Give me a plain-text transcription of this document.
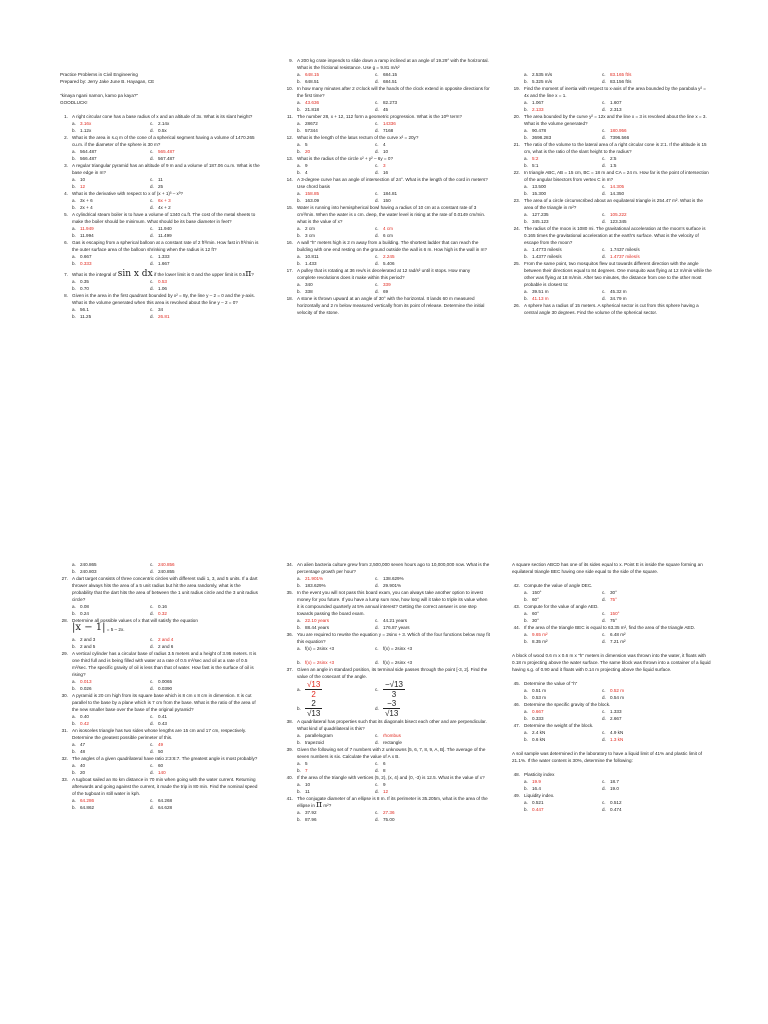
Practice Problems in Civil Engineering
Prepared by: Jerry Jake June B. Hayagan, CE
"kinaya ngani namon, kamo pa kaya?"
GOODLUCK!
1. A right circular cone has a base radius of x and an altitude of 3x. What is its slant height?
a. 3.16x	c. 2.14x
b. 1.12x	d. 0.5x
2. What is the area in s.q m of the cone of a spherical segment having a volume of 1470.265 cu.m. if the diameter of the sphere is 30 m?
a. 564.487	c. 565.487
b. 566.487	d. 567.487
3. A regular triangular pyramid has an altitude of 9 m and a volume of 187.06 cu.m. What is the base edge in m?
a. 10	c. 11
b. 12	d. 25
4. What is the derivative with respect to x of (x + 1)³ – x³?
a. 3x + 6	c. 6x + 3
b. 2x + 4	d. 4x + 2
5. A cylindrical steam boiler is to have a volume of 1340 cu.ft. The cost of the metal sheets to make the boiler should be minimum. What should be its base diameter in feet?
a. 11.949	c. 11.940
b. 11.994	d. 11.499
6. Gas is escaping from a spherical balloon at a constant rate of 2 ft³/min. How fast in ft²/min is the outer surface area of the balloon shrinking when the radius is 12 ft?
a. 0.667	c. 1.333
b. 0.333	d. 1.667
7. What is the integral of sin x dx if the lower limit is 0 and the upper limit is 0.5π?
a. 0.35	c. 0.53
b. 0.70	d. 1.06
8. Given is the area in the first quadrant bounded by x² = 8y, the line y – 2 = 0 and the y-axis. What is the volume generated when this area is revolved about the line y – 2 = 0?
a. 56.1	c. 34
b. 11.25	d. 26.81
9. A 200 kg crate impends to slide down a ramp inclined at an angle of 19.29° with the horizontal. What is the frictional resistance. Use g = 9.81 m/s²
a. 648.15	c. 684.15
b. 648.51	d. 684.51
10. In how many minutes after 2 o'clock will the hands of the clock extend in opposite directions for the first time?
a. 43.636	c. 82.273
b. 21.818	d. 45
11. The number 28, x + 12, 112 form a geometric progression. What is the 10ᵗʰ term?
a. 28672	c. 14336
b. 57344	d. 7168
12. What is the length of the latus rectum of the curve x² = 20y?
a. 5	c. 4
b. 20	d. 10
13. What is the radius of the circle x² + y² – 6y = 0?
a. 9	c. 3
b. 4	d. 16
14. A 3-degree curve has an angle of intersection of 24°. What is the length of the cord in meters? Use chord basis
a. 158.85	c. 184.81
b. 163.09	d. 150
15. Water is running into hemispherical bowl having a radius of 10 cm at a constant rate of 3 cm³/min. When the water is x cm. deep, the water level is rising at the rate of 0.0149 cm/min. what is the value of x?
a. 2 cm	c. 4 cm
b. 3 cm	d. 6 cm
16. A wall "h" meters high is 2 m away from a building. The shortest ladder that can reach the building with one end resting on the ground outside the wall is 6 m. How high is the wall in m?
a. 10.811	c. 2.245
b. 1.433	d. 5.406
17. A pulley that is rotating at 36 rev/s is decelerated at 12 rad/s² until it stops. How many complete revolutions does it make within this period?
a. 340	c. 339
b. 338	d. 69
18. A stone is thrown upward at an angle of 30° with the horizontal. It lands 60 m measured horizontally and 2 m below measured vertically from its point of release. Determine the initial velocity of the stone.
a. 2.535 m/s	c. 83.165 ft/s
b. 5.325 m/s	d. 83.156 ft/s
19. Find the moment of inertia with respect to x-axis of the area bounded by the parabola y² = 4x and the line x = 1.
a. 1.067	c. 1.607
b. 2.133	d. 2.313
20. The area bounded by the curve y² = 12x and the line x = 3 is revolved about the line x = 3. What is the volume generated?
a. 90.478	c. 180.956
b. 3698.283	d. 7396.566
21. The ratio of the volume to the lateral area of a right circular cone is 2:1. If the altitude is 15 cm, what is the ratio of the slant height to the radius?
a. 5:2	c. 2:5
b. 5:1	d. 1:5
22. In triangle ABC, AB = 15 cm, BC = 18 m and CA = 24 m. How far is the point of intersection of the angular bisectors from vertex C in m?
a. 13.500	c. 14.305
b. 15.300	d. 14.350
23. The area of a circle circumscribed about an equilateral triangle is 254.47 m². What is the area of the triangle in m²?
a. 127.235	c. 105.222
b. 345.123	d. 123.345
24. The radius of the moon is 1080 mi. The gravitational acceleration at the moon's surface is 0.165 times the gravitational acceleration at the earth's surface. What is the velocity of escape from the moon?
a. 1.4773 miles/s	c. 1.7437 miles/s
b. 1.4377 miles/s	d. 1.4737 miles/s
25. From the same point, two mosquitos flew out towards different direction with the angle between their directions equal to 84 degrees. One mosquito was flying at 12 m/min while the other was flying at 18 m/min. After two minutes, the distance from one to the other most probable is closest to:
a. 39.51 m	c. 45.32 m
b. 41.13 m	d. 34.79 m
26. A sphere has a radius of 15 meters. A spherical sector is cut from this sphere having a central angle 30 degrees. Find the volume of the spherical sector.
a. 240.865	c. 240.856
b. 240.803	d. 240.855
27. A dart target consists of three concentric circles with different radii 1, 3, and 5 units. If a dart thrower always hits the area of a 5 unit radius but hit the area randomly, what is the probability that the dart hits the area of between the 1 unit radius circle and the 3 unit radius circle?
a. 0.08	c. 0.16
b. 0.24	d. 0.32
28. Determine all possible values of x that will satisfy the equation
|x − 1|
= 5 – 2x.
a. 2 and 3	c. 2 and 4
b. 2 and 5	d. 2 and 6
29. A vertical cylinder has a circular base of radius 3.5 meters and a height of 3.95 meters. It is one third full and is being filled with water at a rate of 0.5 m³/sec and oil at a rate of 0.5 m³/sec. The specific gravity of oil is less than that of water. How fast is the surface of oil is rising?
a. 0.013	c. 0.0065
b. 0.026	d. 0.0390
30. A pyramid is 20 cm high from its square base which is 8 cm x 8 cm in dimension. It is cut parallel to the base by a plane which is 7 cm from the base. What is the ratio of the area of the new smaller base over the base of the original pyramid?
a. 0.40	c. 0.41
b. 0.42	d. 0.43
31. An isosceles triangle has two sides whose lengths are 15 cm and 17 cm, respectively. Determine the greatest possible perimeter of this.
a. 47	c. 49
b. 48	d. 50
32. The angles of a given quadrilateral have ratio 2:3:6:7. The greatest angle is most probably?
a. 40	c. 60
b. 20	d. 140
33. A tugboat sailed an 8o km distance in 70 min when going with the water current. Returning afterwards and going against the current, it made the trip in 80 min. Find the nominal speed of the tugboat in still water in kph.
a. 64.286	c. 64.268
b. 64.862	d. 64.628
34. An alien bacteria culture grew from 2,500,000 seven hours ago to 10,000,000 now. What is the percentage growth per hour?
a. 21.901%	c. 138.629%
b. 183.629%	d. 29.901%
35. In the event you will not pass this board exam, you can always take another option to invest money for you future. If you have a lump sum now, how long will it take to triple its value when it is compounded quarterly at 5% annual interest? Getting the correct answer is one step towards passing the board exam.
a. 22.10 years	c. 44.21 years
b. 88.44 years	d. 176.87 years
36. You are required to rewrite the equation y = 2sinx + 3. Which of the four functions below may fit this equation?
a. f(x) = 2sinx +3	c. f(x) = 2sinx +3
b. f(x) = 2sinx +3	d. f(x) = 2sinx +3
37. Given an angle in standard position, its terminal side passes through the point [-3, 2]. Find the value of the cosecant of the angle.
a. $\frac{√13}{2}$	c. $\frac{-√13}{3}$
b. $\frac{2}{√13}$	d. $\frac{-3}{√13}$
38. A quadrilateral has properties such that its diagonals bisect each other and are perpendicular. What kind of quadrilateral is this?
a. parallelogram	c. rhombus
b. trapezoid	d. rectangle
39. Given the following set of 7 numbers with 2 unknowns [5, 6, 7, 8, 9, A, B]. The average of the seven numbers is six. Calculate the value of A x B.
a. 5	c. 6
b. 7	d. 8
40. If the area of the triangle with vertices (5, 2), (x, 4) and (0, -3) is 12.5. What is the value of x?
a. 10	c. 9
b. 11	d. 12
41. The conjugate diameter of an ellipse is 8 m. If its perimeter is 35.205m, what is the area of the ellipse in π m²?
a. 37.92	c. 27.36
b. 87.96	d. 75.00
A square section ABCD has one of its sides equal to x. Point E is inside the square forming an equilateral triangle BEC having one side equal to the side of the square.
42. Compute the value of angle DEC.
a. 150°	c. 30°
b. 60°	d. 75°
43. Compute for the value of angle AED.
a. 60°	c. 150°
b. 30°	d. 75°
44. If the area of the triangle BEC is equal to 63.35 m², find the area of the triangle AED.
a. 9.65 m²	c. 6.48 m²
b. 8.35 m²	d. 7.21 m²
A block of wood 0.6 m x 0.6 m x "h" meters in dimension was thrown into the water, it floats with 0.18 m projecting above the water surface. The same block was thrown into a container of a liquid having s.g. of 0.90 and it floats with 0.14 m projecting above the liquid surface.
45. Determine the value of "h"
a. 0.51 m	c. 0.52 m
b. 0.53 m	d. 0.54 m
46. Determine the specific gravity of the block.
a. 0.667	c. 1.333
b. 0.333	d. 2.667
47. Determine the weight of the block.
a. 2.4 kN	c. 4.9 kN
b. 0.6 kN	d. 1.3 kN
A soil sample was determined in the laboratory to have a liquid limit of 41% and plastic limit of 21.1%. If the water content is 30%, determine the following:
48. Plasticity index
a. 19.9	c. 18.7
b. 16.4	d. 19.0
49. Liquidity index.
a. 0.521	c. 0.512
b. 0.447	d. 0.474
